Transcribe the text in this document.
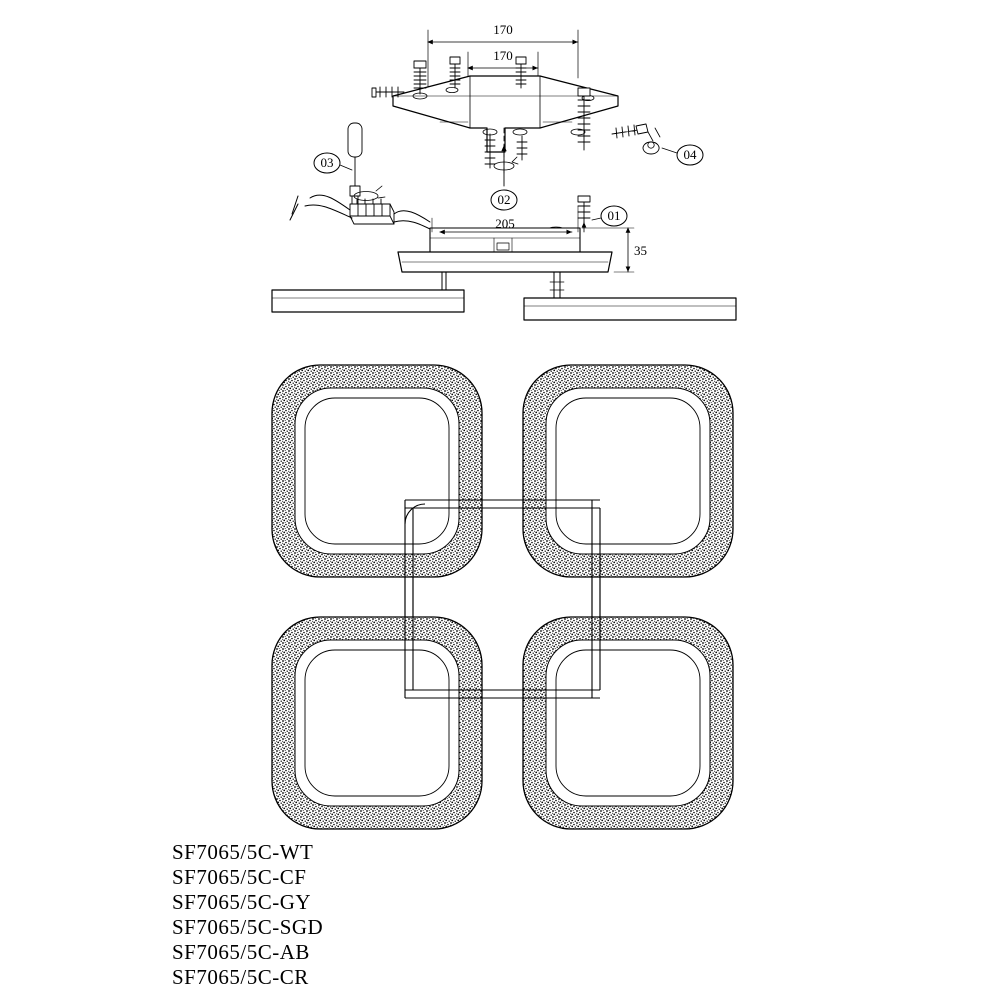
170
170
205
35
01
02
03
04
SF7065/5C-WT
SF7065/5C-CF
SF7065/5C-GY
SF7065/5C-SGD
SF7065/5C-AB
SF7065/5C-CR
